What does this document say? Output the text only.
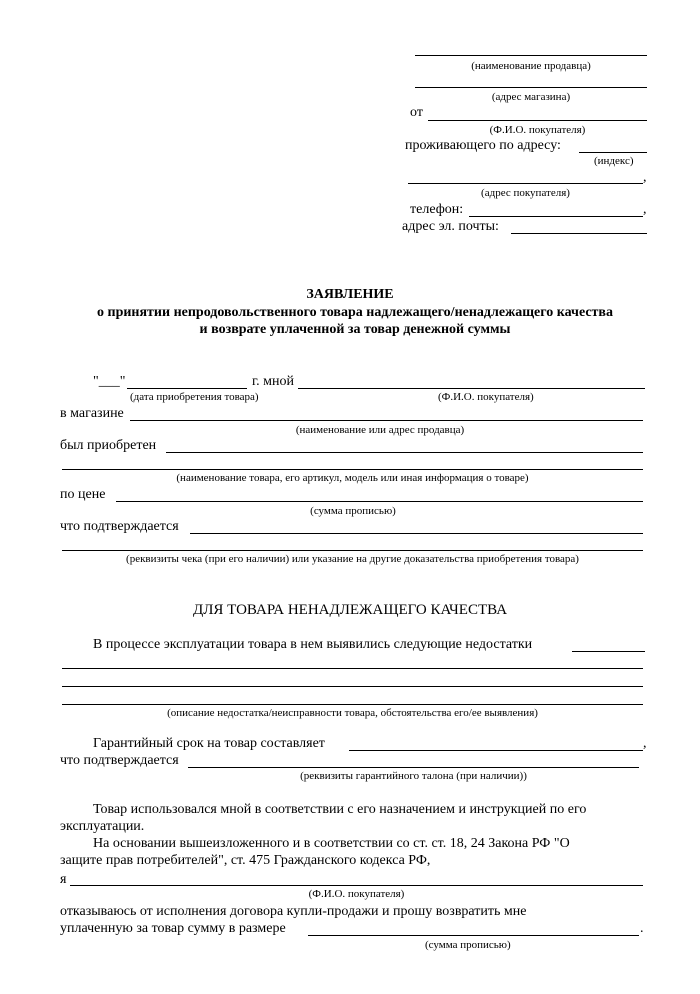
(наименование продавца)
(адрес магазина)
от
(Ф.И.О. покупателя)
проживающего по адресу:
(индекс)
,
(адрес покупателя)
телефон:	,
адрес эл. почты:
ЗАЯВЛЕНИЕ
о принятии непродовольственного товара надлежащего/ненадлежащего качества
и возврате уплаченной за товар денежной суммы
"___"	г. мной
(дата приобретения товара)	(Ф.И.О. покупателя)
в магазине
(наименование или адрес продавца)
был приобретен
(наименование товара, его артикул, модель или иная информация о товаре)
по цене
(сумма прописью)
что подтверждается
(реквизиты чека (при его наличии) или указание на другие доказательства приобретения товара)
ДЛЯ ТОВАРА НЕНАДЛЕЖАЩЕГО КАЧЕСТВА
В процессе эксплуатации товара в нем выявились следующие недостатки
(описание недостатка/неисправности товара, обстоятельства его/ее выявления)
Гарантийный срок на товар составляет	,
что подтверждается
(реквизиты гарантийного талона (при наличии))
Товар использовался мной в соответствии с его назначением и инструкцией по его
эксплуатации.
На основании вышеизложенного и в соответствии со ст. ст. 18, 24 Закона РФ "О
защите прав потребителей", ст. 475 Гражданского кодекса РФ,
я
(Ф.И.О. покупателя)
отказываюсь от исполнения договора купли-продажи и прошу возвратить мне
уплаченную за товар сумму в размере	.
(сумма прописью)
